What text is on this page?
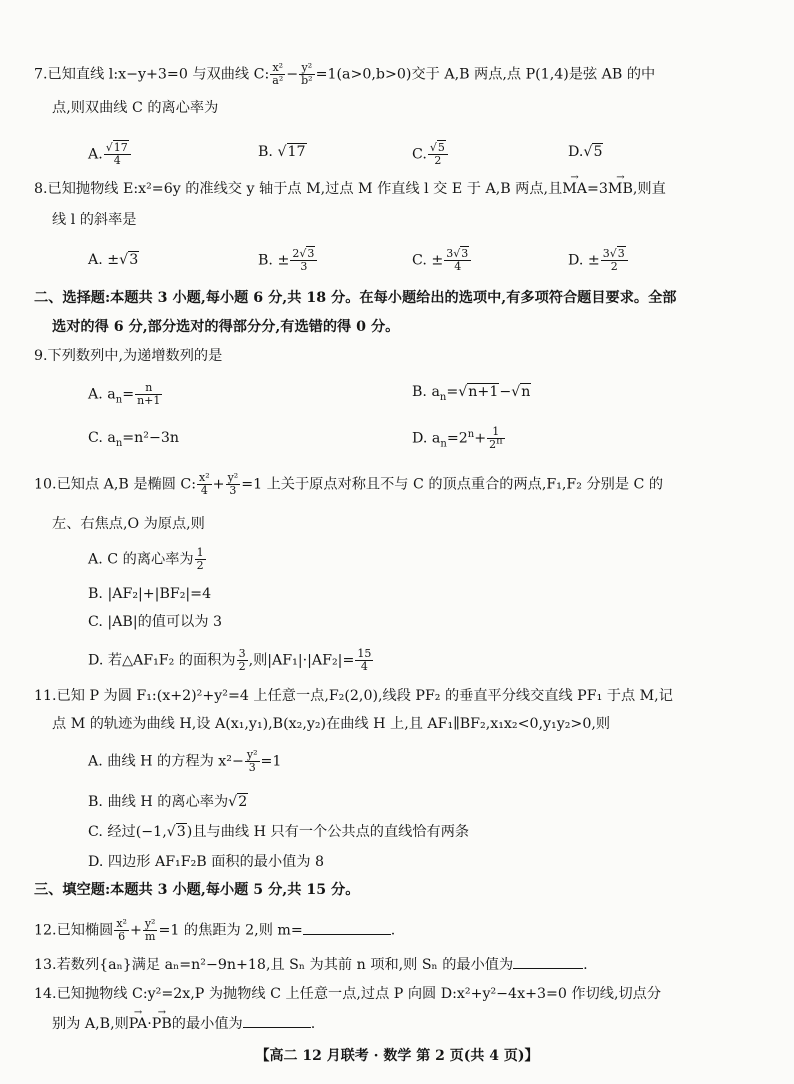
7.已知直线 l:x−y+3=0 与双曲线 C: $\frac{\text{x²}}{\text{a²}} - \frac{\text{y²}}{\text{b²}} =1(a>0,b>0)$交于 A,B 两点,点 P(1,4)是弦 AB 的中
点,则双曲线 C 的离心率为
A. $\frac{√17}{4}$	B. √17	C. $\frac{√5}{2}$	D.√5
8.已知抛物线 E:x²=6y 的准线交 y 轴于点 M,过点 M 作直线 l 交 E 于 A,B 两点,且→ MA=3→ MB,则直
线 l 的斜率是
A. ±√3	B. ± $\frac{2√3}{3}$	C. ± $\frac{3√3}{4}$	D. ± $\frac{3√3}{2}$
二、选择题:本题共 3 小题,每小题 6 分,共 18 分。在每小题给出的选项中,有多项符合题目要求。全部
选对的得 6 分,部分选对的得部分分,有选错的得 0 分。
9.下列数列中,为递增数列的是
A. $a_n= \frac{n}{n+1}$	B. $a_n=√n+1-√n$
C. $a_n=n^2-3n$	D. $a_n=2^n+ \frac{1}{2^n}$
10.已知点 A,B 是椭圆 C: $\frac{\text{x²}}{4} + \frac{\text{y²}}{3} =1$ 上关于原点对称且不与 C 的顶点重合的两点,F₁,F₂ 分别是 C 的
左、右焦点,O 为原点,则
A. C 的离心率为 $\frac{1}{2}$
B. |AF₂|+|BF₂|=4
C. |AB|的值可以为 3
D. 若△AF₁F₂ 的面积为 $\frac{3}{2}$ ,则$|AF_1|\cdot|AF_2|= \frac{15}{4}$
11.已知 P 为圆 F₁:(x+2)²+y²=4 上任意一点,F₂(2,0),线段 PF₂ 的垂直平分线交直线 PF₁ 于点 M,记
点 M 的轨迹为曲线 H,设 A(x₁,y₁),B(x₂,y₂)在曲线 H 上,且 AF₁∥BF₂,x₁x₂<0,y₁y₂>0,则
A. 曲线 H 的方程为 $x^2- \frac{\text{y²}}{3} =1$
B. 曲线 H 的离心率为√2
C. 经过(−1,√3)且与曲线 H 只有一个公共点的直线恰有两条
D. 四边形 AF₁F₂B 面积的最小值为 8
三、填空题:本题共 3 小题,每小题 5 分,共 15 分。
12.已知椭圆 $\frac{\text{x²}}{6} + \frac{\text{y²}}{m} =1$ 的焦距为 2,则 m=	.
13.若数列{aₙ}满足 aₙ=n²−9n+18,且 Sₙ 为其前 n 项和,则 Sₙ 的最小值为	.
14.已知抛物线 C:y²=2x,P 为抛物线 C 上任意一点,过点 P 向圆 D:x²+y²−4x+3=0 作切线,切点分
别为 A,B,则→ PA·→ PB的最小值为	.
【高二 12 月联考 · 数学 第 2 页(共 4 页)】
